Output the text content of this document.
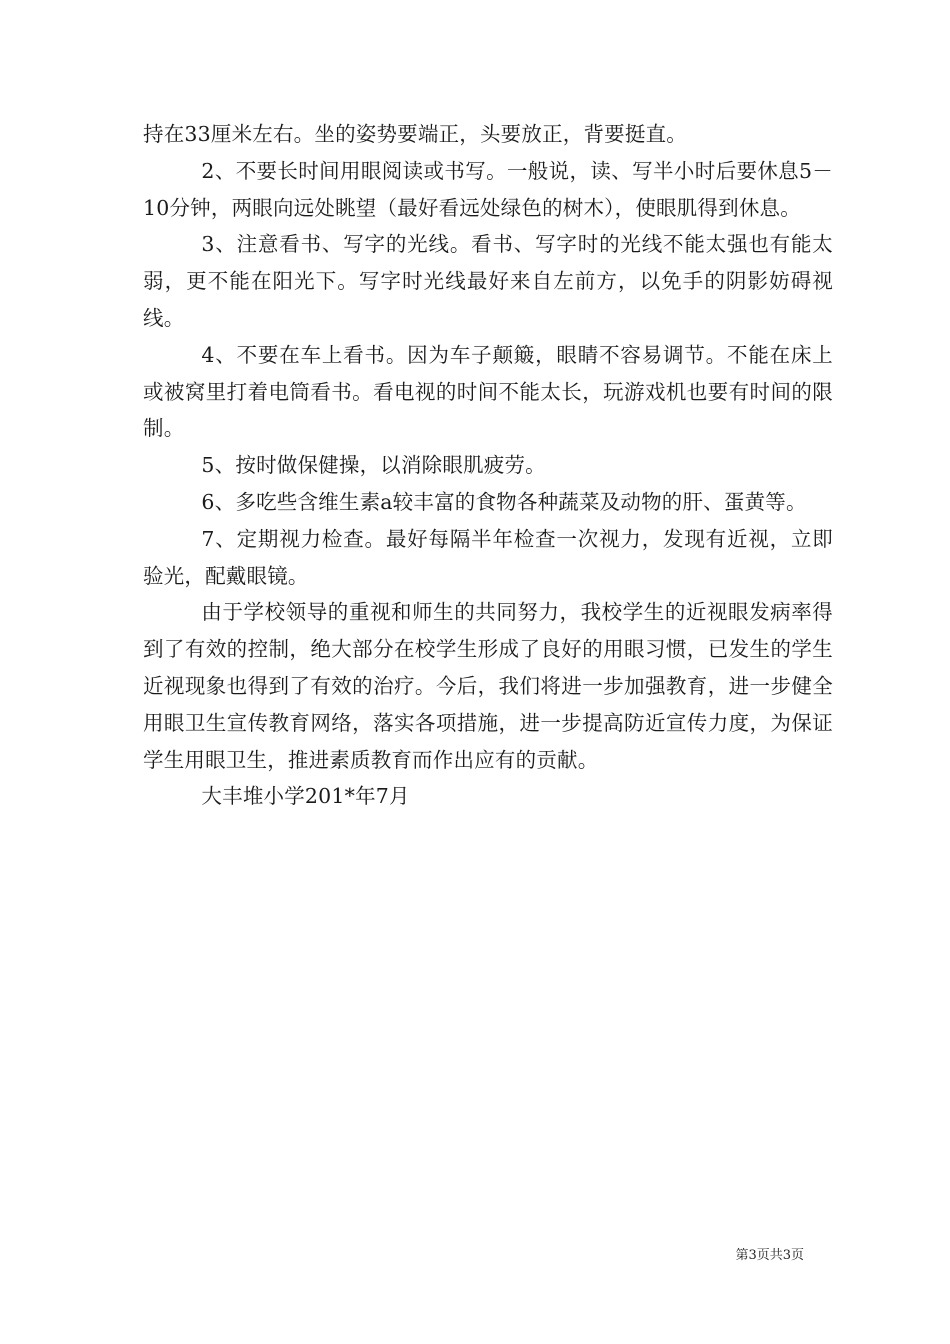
持在33厘米左右。坐的姿势要端正，头要放正，背要挺直。

2、不要长时间用眼阅读或书写。一般说，读、写半小时后要休息5－10分钟，两眼向远处眺望（最好看远处绿色的树木），使眼肌得到休息。

3、注意看书、写字的光线。看书、写字时的光线不能太强也有能太弱，更不能在阳光下。写字时光线最好来自左前方，以免手的阴影妨碍视线。

4、不要在车上看书。因为车子颠簸，眼睛不容易调节。不能在床上或被窝里打着电筒看书。看电视的时间不能太长，玩游戏机也要有时间的限制。

5、按时做保健操，以消除眼肌疲劳。

6、多吃些含维生素a较丰富的食物各种蔬菜及动物的肝、蛋黄等。

7、定期视力检查。最好每隔半年检查一次视力，发现有近视，立即验光，配戴眼镜。

由于学校领导的重视和师生的共同努力，我校学生的近视眼发病率得到了有效的控制，绝大部分在校学生形成了良好的用眼习惯，已发生的学生近视现象也得到了有效的治疗。今后，我们将进一步加强教育，进一步健全用眼卫生宣传教育网络，落实各项措施，进一步提高防近宣传力度，为保证学生用眼卫生，推进素质教育而作出应有的贡献。

大丰堆小学201*年7月

第3页共3页
